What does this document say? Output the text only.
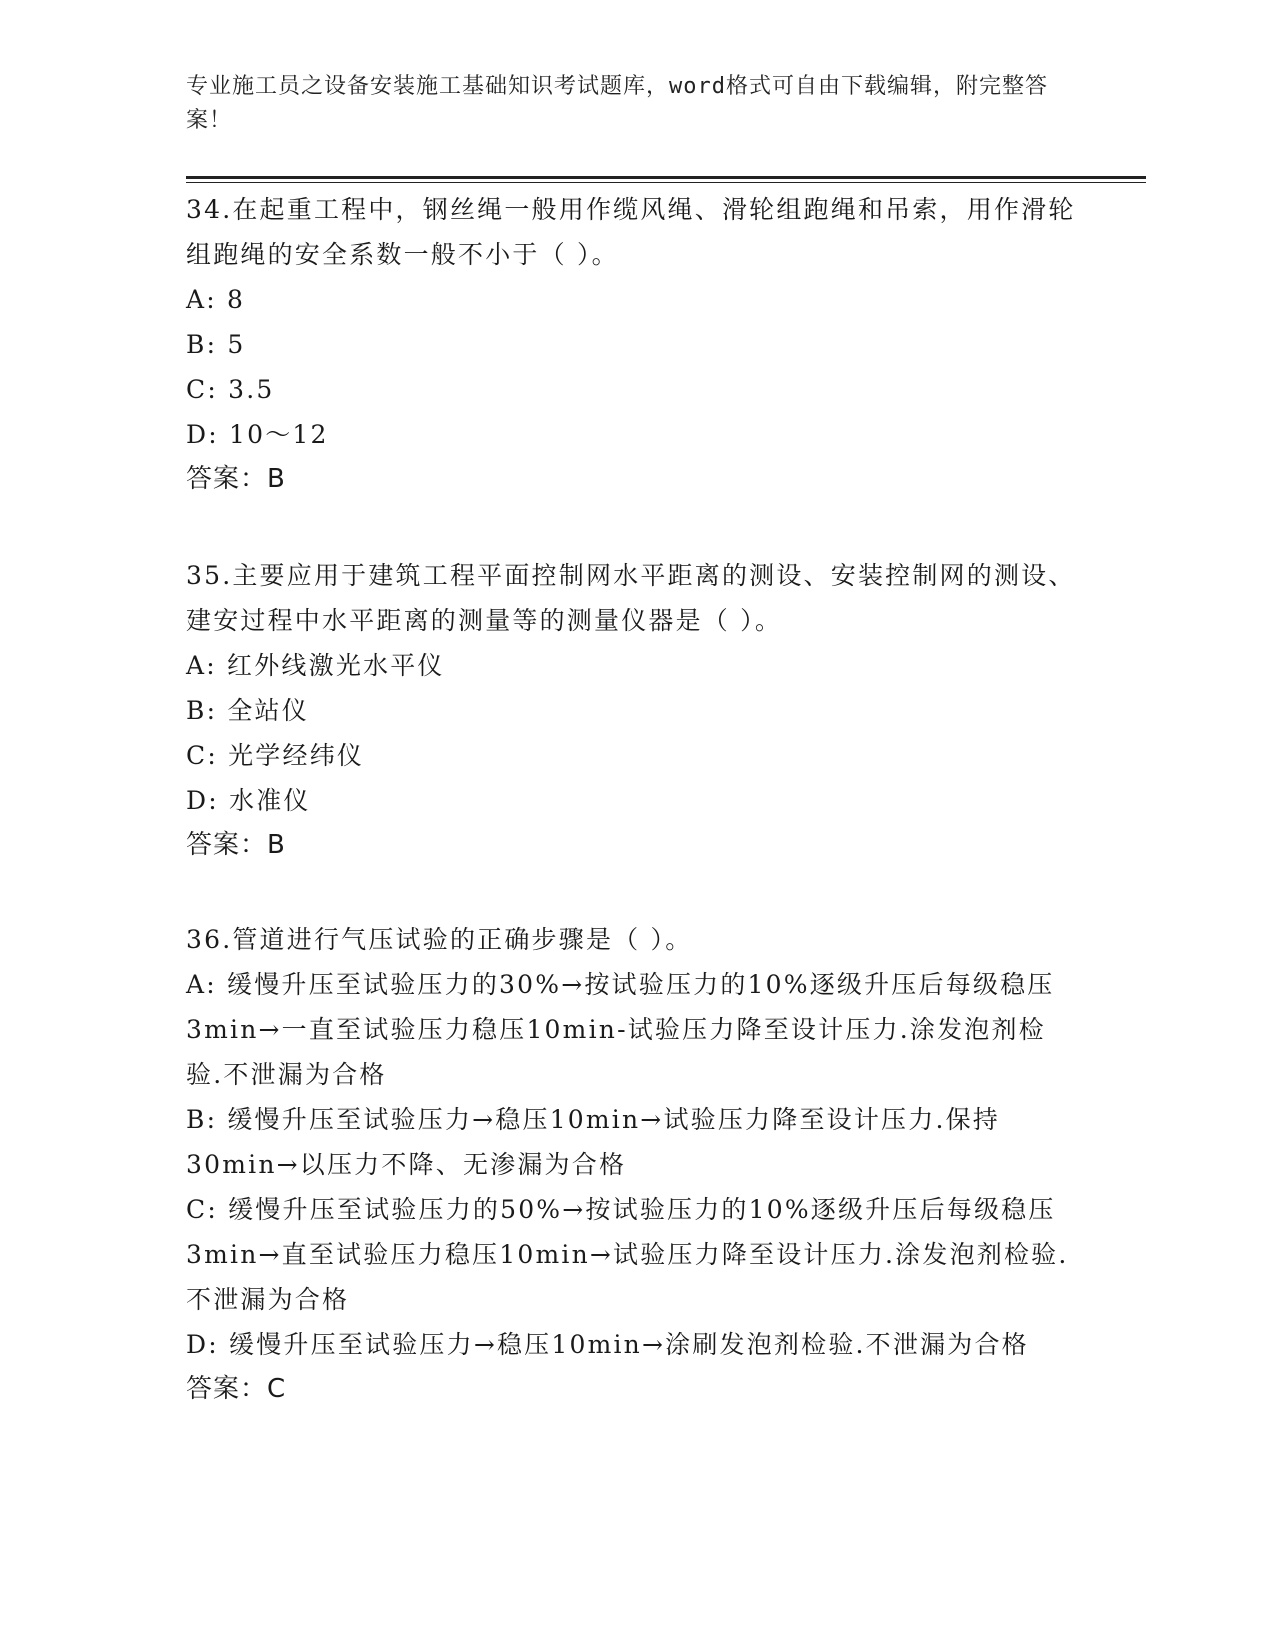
专业施工员之设备安装施工基础知识考试题库，word格式可自由下载编辑，附完整答案！

34.在起重工程中，钢丝绳一般用作缆风绳、滑轮组跑绳和吊索，用作滑轮组跑绳的安全系数一般不小于（ ）。

A: 8

B: 5

C: 3.5

D: 10～12

答案：B

35.主要应用于建筑工程平面控制网水平距离的测设、安装控制网的测设、建安过程中水平距离的测量等的测量仪器是（ ）。

A: 红外线激光水平仪

B: 全站仪

C: 光学经纬仪

D: 水准仪

答案：B

36.管道进行气压试验的正确步骤是（ ）。

A: 缓慢升压至试验压力的30%→按试验压力的10%逐级升压后每级稳压3min→一直至试验压力稳压10min-试验压力降至设计压力.涂发泡剂检验.不泄漏为合格

B: 缓慢升压至试验压力→稳压10min→试验压力降至设计压力.保持30min→以压力不降、无渗漏为合格

C: 缓慢升压至试验压力的50%→按试验压力的10%逐级升压后每级稳压3min→直至试验压力稳压10min→试验压力降至设计压力.涂发泡剂检验.不泄漏为合格

D: 缓慢升压至试验压力→稳压10min→涂刷发泡剂检验.不泄漏为合格

答案：C
